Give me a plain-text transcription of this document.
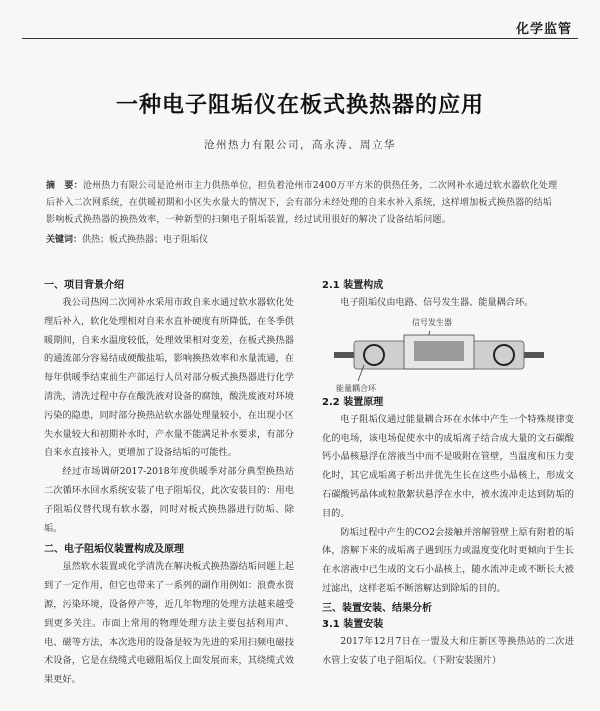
化学监管
一种电子阻垢仪在板式换热器的应用
沧州热力有限公司，高永涛、周立华
摘　要：沧州热力有限公司是沧州市主力供热单位，担负着沧州市2400万平方米的供热任务，二次网补水通过软水器软化处理后补入二次网系统，在供暖初期和小区失水量大的情况下，会有部分未经处理的自来水补入系统，这样增加板式换热器的结垢影响板式换热器的换热效率，一种新型的扫频电子阻垢装置，经过试用很好的解决了设备结垢问题。
关键词：供热；板式换热器；电子阻垢仪
一、项目背景介绍

我公司热网二次网补水采用市政自来水通过软水器软化处理后补入，软化处理相对自来水直补硬度有所降低，在冬季供暖期间，自来水温度较低，处理效果相对变差，在板式换热器的通流部分容易结成硬酸盐垢，影响换热效率和水量流通，在每年供暖季结束前生产部运行人员对部分板式换热器进行化学清洗，清洗过程中存在酸洗液对设备的腐蚀，酸洗废液对环境污染的隐患，同时部分换热站软水器处理量较小，在出现小区失水量较大和初期补水时，产水量不能满足补水要求，有部分自来水直接补入，更增加了设备结垢的可能性。

经过市场调研2017-2018年度供暖季对部分典型换热站二次循环水回水系统安装了电子阻垢仪，此次安装目的：用电子阻垢仪替代现有软水器，同时对板式换热器进行防垢、除垢。

二、电子阻垢仪装置构成及原理

虽然软水装置或化学清洗在解决板式换热器结垢问题上起到了一定作用，但它也带来了一系列的副作用例如：浪费水资源，污染环境，设备停产等，近几年物理的处理方法越来越受到更多关注。市面上常用的物理处理方法主要包括利用声、电、磁等方法，本次选用的设备是较为先进的采用扫频电磁技术设备，它是在绕缆式电磁阻垢仪上面发展而来，其绕缆式效果更好。

2.1 装置构成

电子阻垢仪由电路、信号发生器、能量耦合环。

信号发生器
能量耦合环
2.2 装置原理

电子阻垢仪通过能量耦合环在水体中产生一个特殊规律变化的电场，该电场促使水中的成垢离子结合成大量的文石碳酸钙小晶核悬浮在溶液当中而不是吸附在管壁，当温度和压力变化时，其它成垢离子析出并优先生长在这些小晶核上，形成文石碳酸钙晶体或粒散絮状悬浮在水中，被水流冲走达到防垢的目的。

防垢过程中产生的CO2会接触并溶解管壁上原有附着的垢体，溶解下来的成垢离子遇到压力或温度变化时更倾向于生长在水溶液中已生成的文石小晶核上，随水流冲走或不断长大被过滤出，这样老垢不断溶解达到除垢的目的。

三、装置安装、结果分析
3.1 装置安装

2017年12月7日在一盟及大和庄新区等换热站的二次进水管上安装了电子阻垢仪。（下附安装图片）
